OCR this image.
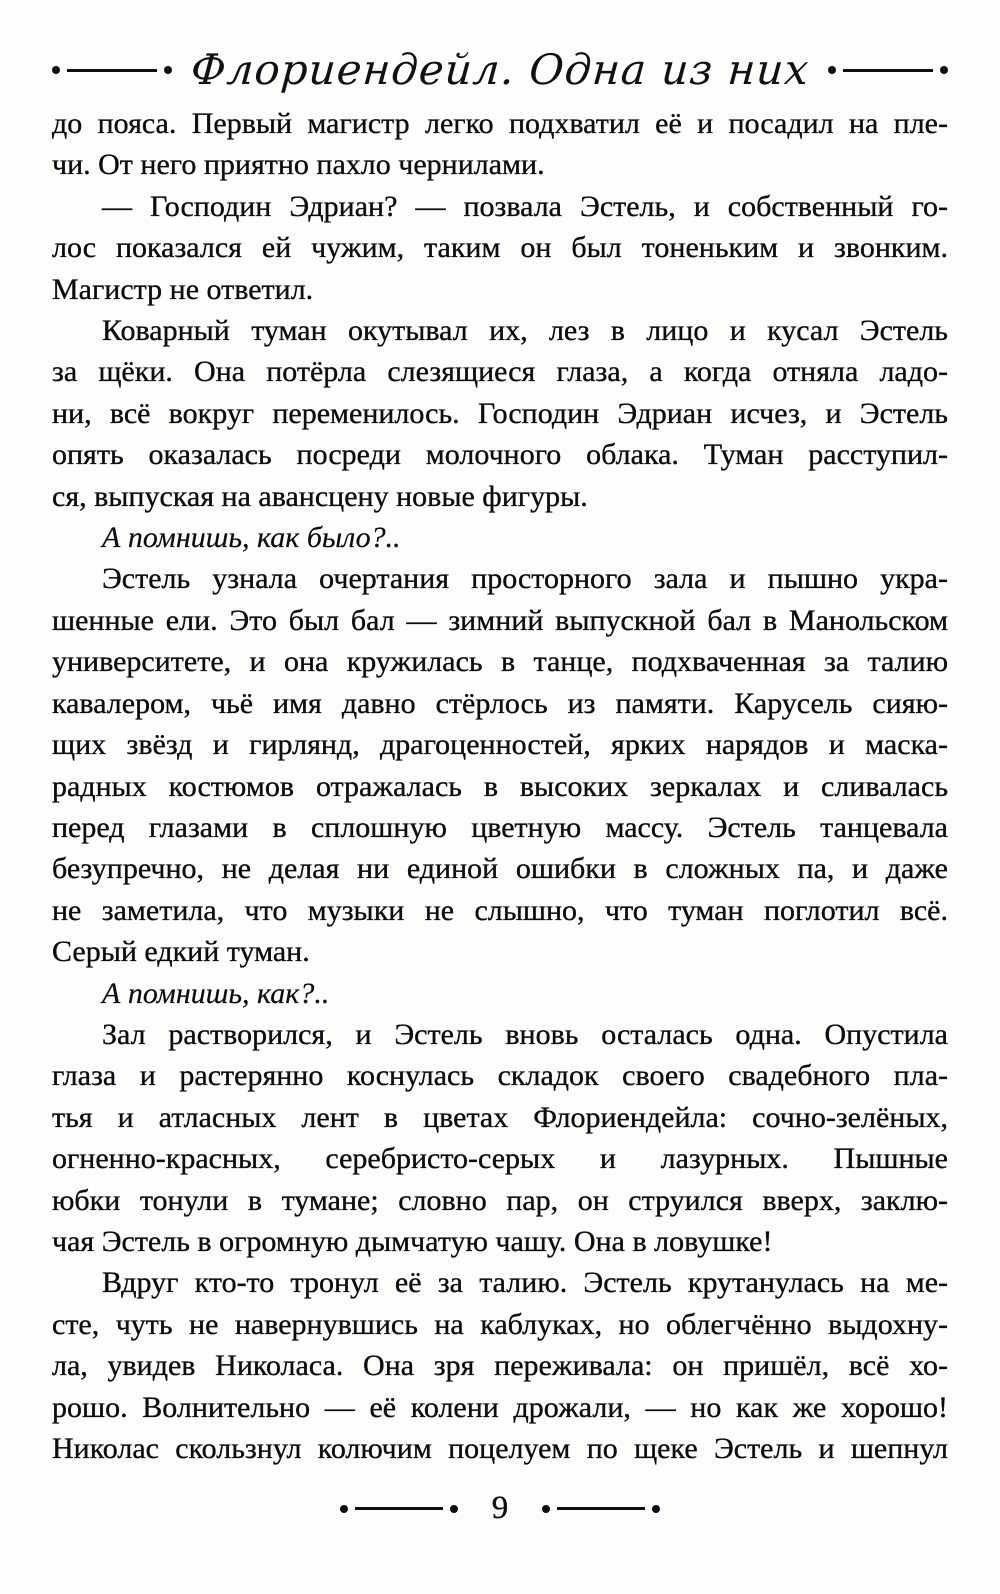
Флориендейл. Одна из них
до пояса. Первый магистр легко подхватил её и посадил на пле-
чи. От него приятно пахло чернилами.
— Господин Эдриан? — позвала Эстель, и собственный го-
лос показался ей чужим, таким он был тоненьким и звонким.
Магистр не ответил.
Коварный туман окутывал их, лез в лицо и кусал Эстель
за щёки. Она потёрла слезящиеся глаза, а когда отняла ладо-
ни, всё вокруг переменилось. Господин Эдриан исчез, и Эстель
опять оказалась посреди молочного облака. Туман расступил-
ся, выпуская на авансцену новые фигуры.
А помнишь, как было?..
Эстель узнала очертания просторного зала и пышно укра-
шенные ели. Это был бал — зимний выпускной бал в Манольском
университете, и она кружилась в танце, подхваченная за талию
кавалером, чьё имя давно стёрлось из памяти. Карусель сияю-
щих звёзд и гирлянд, драгоценностей, ярких нарядов и маска-
радных костюмов отражалась в высоких зеркалах и сливалась
перед глазами в сплошную цветную массу. Эстель танцевала
безупречно, не делая ни единой ошибки в сложных па, и даже
не заметила, что музыки не слышно, что туман поглотил всё.
Серый едкий туман.
А помнишь, как?..
Зал растворился, и Эстель вновь осталась одна. Опустила
глаза и растерянно коснулась складок своего свадебного пла-
тья и атласных лент в цветах Флориендейла: сочно-зелёных,
огненно-красных, серебристо-серых и лазурных. Пышные
юбки тонули в тумане; словно пар, он струился вверх, заклю-
чая Эстель в огромную дымчатую чашу. Она в ловушке!
Вдруг кто-то тронул её за талию. Эстель крутанулась на ме-
сте, чуть не навернувшись на каблуках, но облегчённо выдохну-
ла, увидев Николаса. Она зря переживала: он пришёл, всё хо-
рошо. Волнительно — её колени дрожали, — но как же хорошо!
Николас скользнул колючим поцелуем по щеке Эстель и шепнул
9
